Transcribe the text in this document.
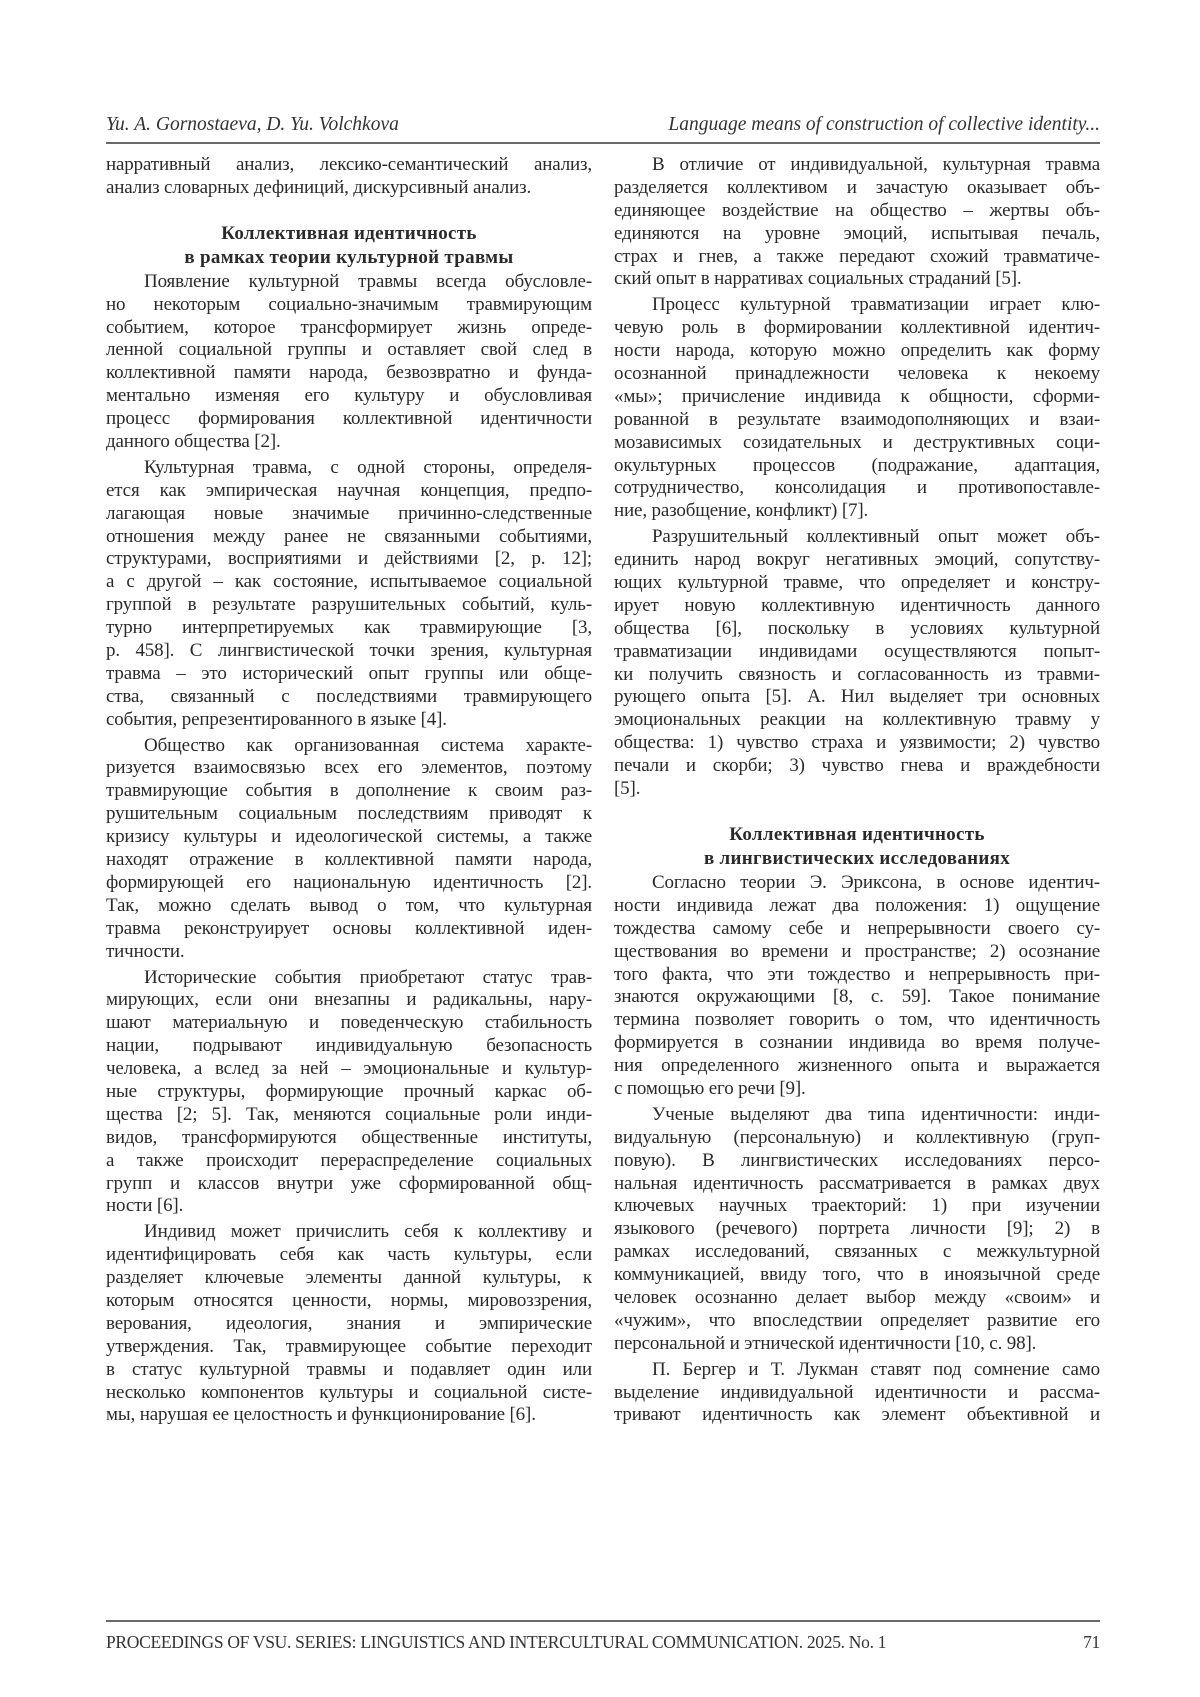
Yu. A. Gornostaeva, D. Yu. Volchkova	Language means of construction of collective identity...
нарративный анализ, лексико-семантический анализ,
анализ словарных дефиниций, дискурсивный анализ.
Коллективная идентичность
в рамках теории культурной травмы
Появление культурной травмы всегда обусловле-
но некоторым социально-значимым травмирующим
событием, которое трансформирует жизнь опреде-
ленной социальной группы и оставляет свой след в
коллективной памяти народа, безвозвратно и фунда-
ментально изменяя его культуру и обусловливая
процесс формирования коллективной идентичности
данного общества [2].
Культурная травма, с одной стороны, определя-
ется как эмпирическая научная концепция, предпо-
лагающая новые значимые причинно-следственные
отношения между ранее не связанными событиями,
структурами, восприятиями и действиями [2, p. 12];
а с другой – как состояние, испытываемое социальной
группой в результате разрушительных событий, куль-
турно интерпретируемых как травмирующие [3,
p. 458]. С лингвистической точки зрения, культурная
травма – это исторический опыт группы или обще-
ства, связанный с последствиями травмирующего
события, репрезентированного в языке [4].
Общество как организованная система характе-
ризуется взаимосвязью всех его элементов, поэтому
травмирующие события в дополнение к своим раз-
рушительным социальным последствиям приводят к
кризису культуры и идеологической системы, а также
находят отражение в коллективной памяти народа,
формирующей его национальную идентичность [2].
Так, можно сделать вывод о том, что культурная
травма реконструирует основы коллективной иден-
тичности.
Исторические события приобретают статус трав-
мирующих, если они внезапны и радикальны, нару-
шают материальную и поведенческую стабильность
нации, подрывают индивидуальную безопасность
человека, а вслед за ней – эмоциональные и культур-
ные структуры, формирующие прочный каркас об-
щества [2; 5]. Так, меняются социальные роли инди-
видов, трансформируются общественные институты,
а также происходит перераспределение социальных
групп и классов внутри уже сформированной общ-
ности [6].
Индивид может причислить себя к коллективу и
идентифицировать себя как часть культуры, если
разделяет ключевые элементы данной культуры, к
которым относятся ценности, нормы, мировоззрения,
верования, идеология, знания и эмпирические
утверждения. Так, травмирующее событие переходит
в статус культурной травмы и подавляет один или
несколько компонентов культуры и социальной систе-
мы, нарушая ее целостность и функционирование [6].
В отличие от индивидуальной, культурная травма
разделяется коллективом и зачастую оказывает объ-
единяющее воздействие на общество – жертвы объ-
единяются на уровне эмоций, испытывая печаль,
страх и гнев, а также передают схожий травматиче-
ский опыт в нарративах социальных страданий [5].
Процесс культурной травматизации играет клю-
чевую роль в формировании коллективной идентич-
ности народа, которую можно определить как форму
осознанной принадлежности человека к некоему
«мы»; причисление индивида к общности, сформи-
рованной в результате взаимодополняющих и взаи-
мозависимых созидательных и деструктивных соци-
окультурных процессов (подражание, адаптация,
сотрудничество, консолидация и противопоставле-
ние, разобщение, конфликт) [7].
Разрушительный коллективный опыт может объ-
единить народ вокруг негативных эмоций, сопутству-
ющих культурной травме, что определяет и констру-
ирует новую коллективную идентичность данного
общества [6], поскольку в условиях культурной
травматизации индивидами осуществляются попыт-
ки получить связность и согласованность из травми-
рующего опыта [5]. А. Нил выделяет три основных
эмоциональных реакции на коллективную травму у
общества: 1) чувство страха и уязвимости; 2) чувство
печали и скорби; 3) чувство гнева и враждебности
[5].
Коллективная идентичность
в лингвистических исследованиях
Согласно теории Э. Эриксона, в основе идентич-
ности индивида лежат два положения: 1) ощущение
тождества самому себе и непрерывности своего су-
ществования во времени и пространстве; 2) осознание
того факта, что эти тождество и непрерывность при-
знаются окружающими [8, с. 59]. Такое понимание
термина позволяет говорить о том, что идентичность
формируется в сознании индивида во время получе-
ния определенного жизненного опыта и выражается
с помощью его речи [9].
Ученые выделяют два типа идентичности: инди-
видуальную (персональную) и коллективную (груп-
повую). В лингвистических исследованиях персо-
нальная идентичность рассматривается в рамках двух
ключевых научных траекторий: 1) при изучении
языкового (речевого) портрета личности [9]; 2) в
рамках исследований, связанных с межкультурной
коммуникацией, ввиду того, что в иноязычной среде
человек осознанно делает выбор между «своим» и
«чужим», что впоследствии определяет развитие его
персональной и этнической идентичности [10, с. 98].
П. Бергер и Т. Лукман ставят под сомнение само
выделение индивидуальной идентичности и рассма-
тривают идентичность как элемент объективной и
PROCEEDINGS OF VSU. SERIES: LINGUISTICS AND INTERCULTURAL COMMUNICATION. 2025. No. 1	71
